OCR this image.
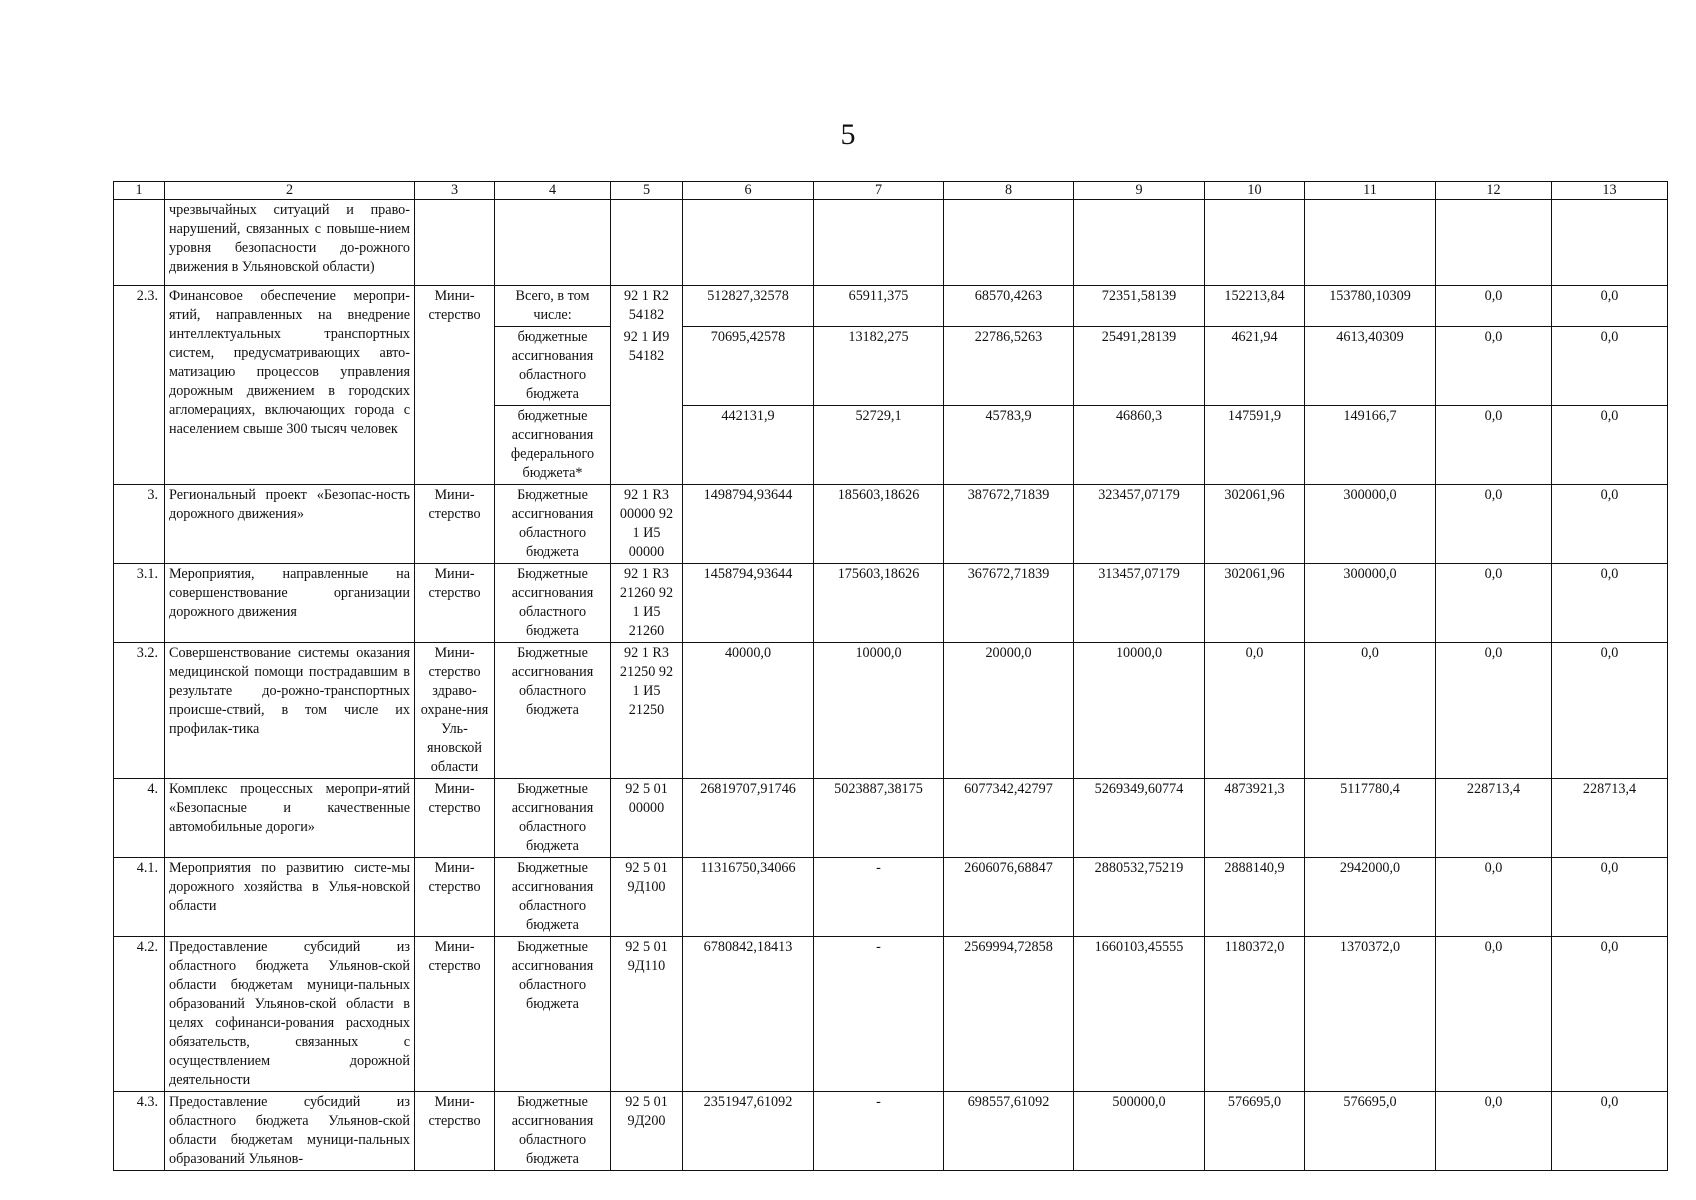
5
1	2	3	4	5	6	7	8	9	10	11	12	13
	чрезвычайных ситуаций и право-нарушений, связанных с повыше-нием уровня безопасности до-рожного движения в Ульяновской области)											
2.3.	Финансовое обеспечение меропри-ятий, направленных на внедрение интеллектуальных транспортных систем, предусматривающих авто-матизацию процессов управления дорожным движением в городских агломерациях, включающих города с населением свыше 300 тысяч человек	Мини-стерство	Всего, в том числе:	92 1 R2 54182	512827,32578	65911,375	68570,4263	72351,58139	152213,84	153780,10309	0,0	0,0
			бюджетные ассигнования областного бюджета	92 1 И9 54182	70695,42578	13182,275	22786,5263	25491,28139	4621,94	4613,40309	0,0	0,0
			бюджетные ассигнования федерального бюджета*		442131,9	52729,1	45783,9	46860,3	147591,9	149166,7	0,0	0,0
3.	Региональный проект «Безопас-ность дорожного движения»	Мини-стерство	Бюджетные ассигнования областного бюджета	92 1 R3 00000 92 1 И5 00000	1498794,93644	185603,18626	387672,71839	323457,07179	302061,96	300000,0	0,0	0,0
3.1.	Мероприятия, направленные на совершенствование организации дорожного движения	Мини-стерство	Бюджетные ассигнования областного бюджета	92 1 R3 21260 92 1 И5 21260	1458794,93644	175603,18626	367672,71839	313457,07179	302061,96	300000,0	0,0	0,0
3.2.	Совершенствование системы оказания медицинской помощи пострадавшим в результате до-рожно-транспортных происше-ствий, в том числе их профилак-тика	Мини-стерство здраво-охране-ния Уль-яновской области	Бюджетные ассигнования областного бюджета	92 1 R3 21250 92 1 И5 21250	40000,0	10000,0	20000,0	10000,0	0,0	0,0	0,0	0,0
4.	Комплекс процессных меропри-ятий «Безопасные и качественные автомобильные дороги»	Мини-стерство	Бюджетные ассигнования областного бюджета	92 5 01 00000	26819707,91746	5023887,38175	6077342,42797	5269349,60774	4873921,3	5117780,4	228713,4	228713,4
4.1.	Мероприятия по развитию систе-мы дорожного хозяйства в Улья-новской области	Мини-стерство	Бюджетные ассигнования областного бюджета	92 5 01 9Д100	11316750,34066	-	2606076,68847	2880532,75219	2888140,9	2942000,0	0,0	0,0
4.2.	Предоставление субсидий из областного бюджета Ульянов-ской области бюджетам муници-пальных образований Ульянов-ской области в целях софинанси-рования расходных обязательств, связанных с осуществлением дорожной деятельности	Мини-стерство	Бюджетные ассигнования областного бюджета	92 5 01 9Д110	6780842,18413	-	2569994,72858	1660103,45555	1180372,0	1370372,0	0,0	0,0
4.3.	Предоставление субсидий из областного бюджета Ульянов-ской области бюджетам муници-пальных образований Ульянов-	Мини-стерство	Бюджетные ассигнования областного бюджета	92 5 01 9Д200	2351947,61092	-	698557,61092	500000,0	576695,0	576695,0	0,0	0,0
